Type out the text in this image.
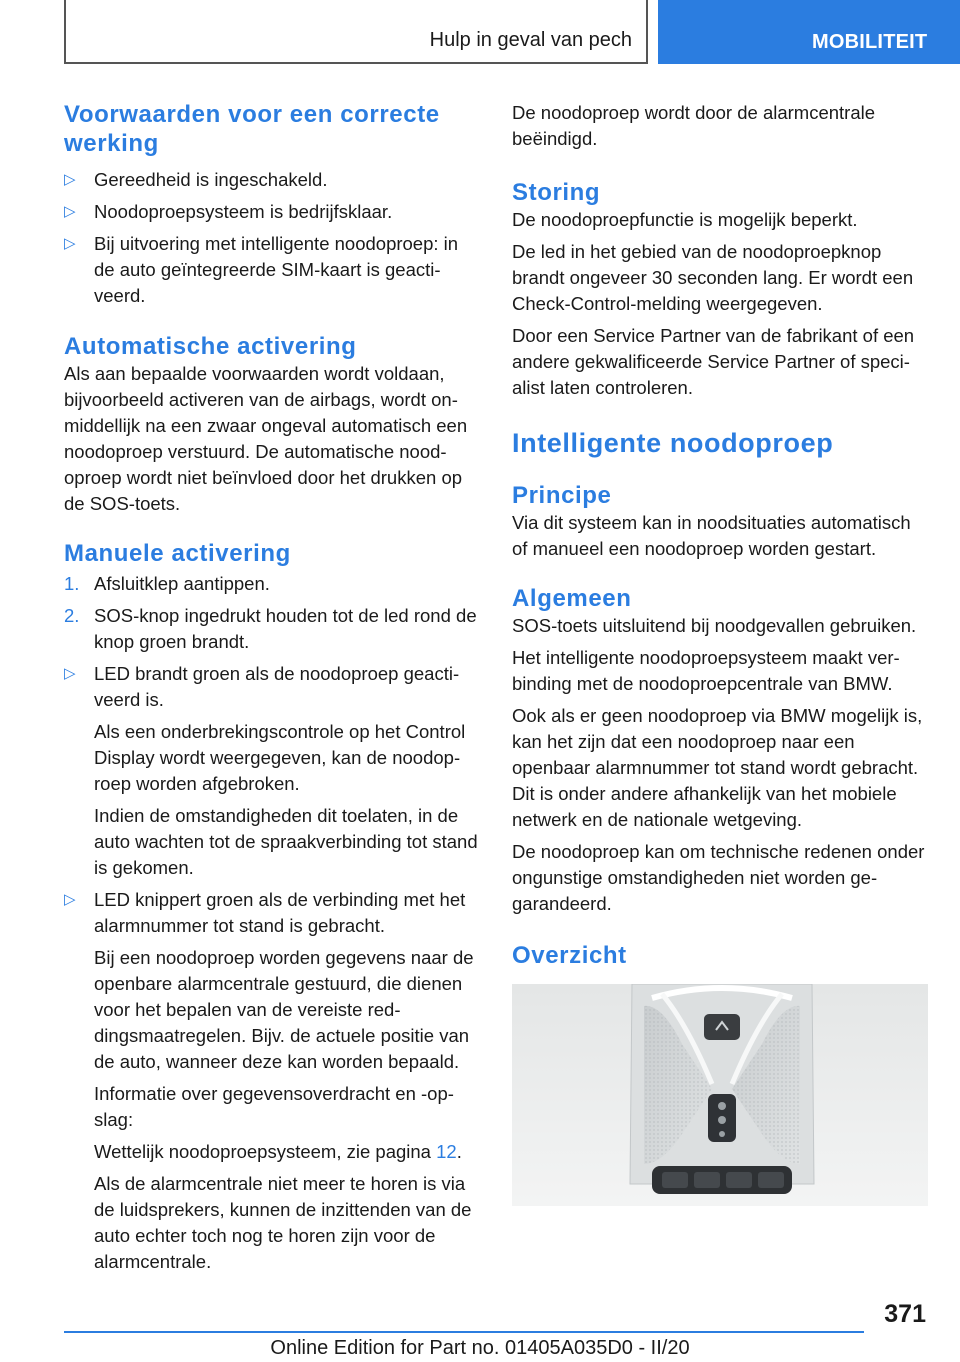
Hulp in geval van pech	MOBILITEIT
Voorwaarden voor een correcte werking
▷ Gereedheid is ingeschakeld.
▷ Noodoproepsysteem is bedrijfsklaar.
▷ Bij uitvoering met intelligente noodoproep: in de auto geïntegreerde SIM-kaart is geactiveerd.
Automatische activering

Als aan bepaalde voorwaarden wordt voldaan, bijvoorbeeld activeren van de airbags, wordt onmiddellijk na een zwaar ongeval automatisch een noodoproep verstuurd. De automatische noodoproep wordt niet beïnvloed door het drukken op de SOS-toets.

Manuele activering
1. Afsluitklep aantippen.
2. SOS-knop ingedrukt houden tot de led rond de knop groen brandt.
▷ LED brandt groen als de noodoproep geactiveerd is.
Als een onderbrekingscontrole op het Control Display wordt weergegeven, kan de noodoproep worden afgebroken.
Indien de omstandigheden dit toelaten, in de auto wachten tot de spraakverbinding tot stand is gekomen.
▷ LED knippert groen als de verbinding met het alarmnummer tot stand is gebracht.
Bij een noodoproep worden gegevens naar de openbare alarmcentrale gestuurd, die dienen voor het bepalen van de vereiste reddingsmaatregelen. Bijv. de actuele positie van de auto, wanneer deze kan worden bepaald.
Informatie over gegevensoverdracht en -opslag:
Wettelijk noodoproepsysteem, zie pagina 12.
Als de alarmcentrale niet meer te horen is via de luidsprekers, kunnen de inzittenden van de auto echter toch nog te horen zijn voor de alarmcentrale.

De noodoproep wordt door de alarmcentrale beëindigd.

Storing

De noodoproepfunctie is mogelijk beperkt.

De led in het gebied van de noodoproepknop brandt ongeveer 30 seconden lang. Er wordt een Check-Control-melding weergegeven.

Door een Service Partner van de fabrikant of een andere gekwalificeerde Service Partner of specialist laten controleren.

Intelligente noodoproep
Principe

Via dit systeem kan in noodsituaties automatisch of manueel een noodoproep worden gestart.

Algemeen

SOS-toets uitsluitend bij noodgevallen gebruiken.

Het intelligente noodoproepsysteem maakt verbinding met de noodoproepcentrale van BMW.

Ook als er geen noodoproep via BMW mogelijk is, kan het zijn dat een noodoproep naar een openbaar alarmnummer tot stand wordt gebracht. Dit is onder andere afhankelijk van het mobiele netwerk en de nationale wetgeving.

De noodoproep kan om technische redenen onder ongunstige omstandigheden niet worden gegarandeerd.

Overzicht
371
Online Edition for Part no. 01405A035D0 - II/20
